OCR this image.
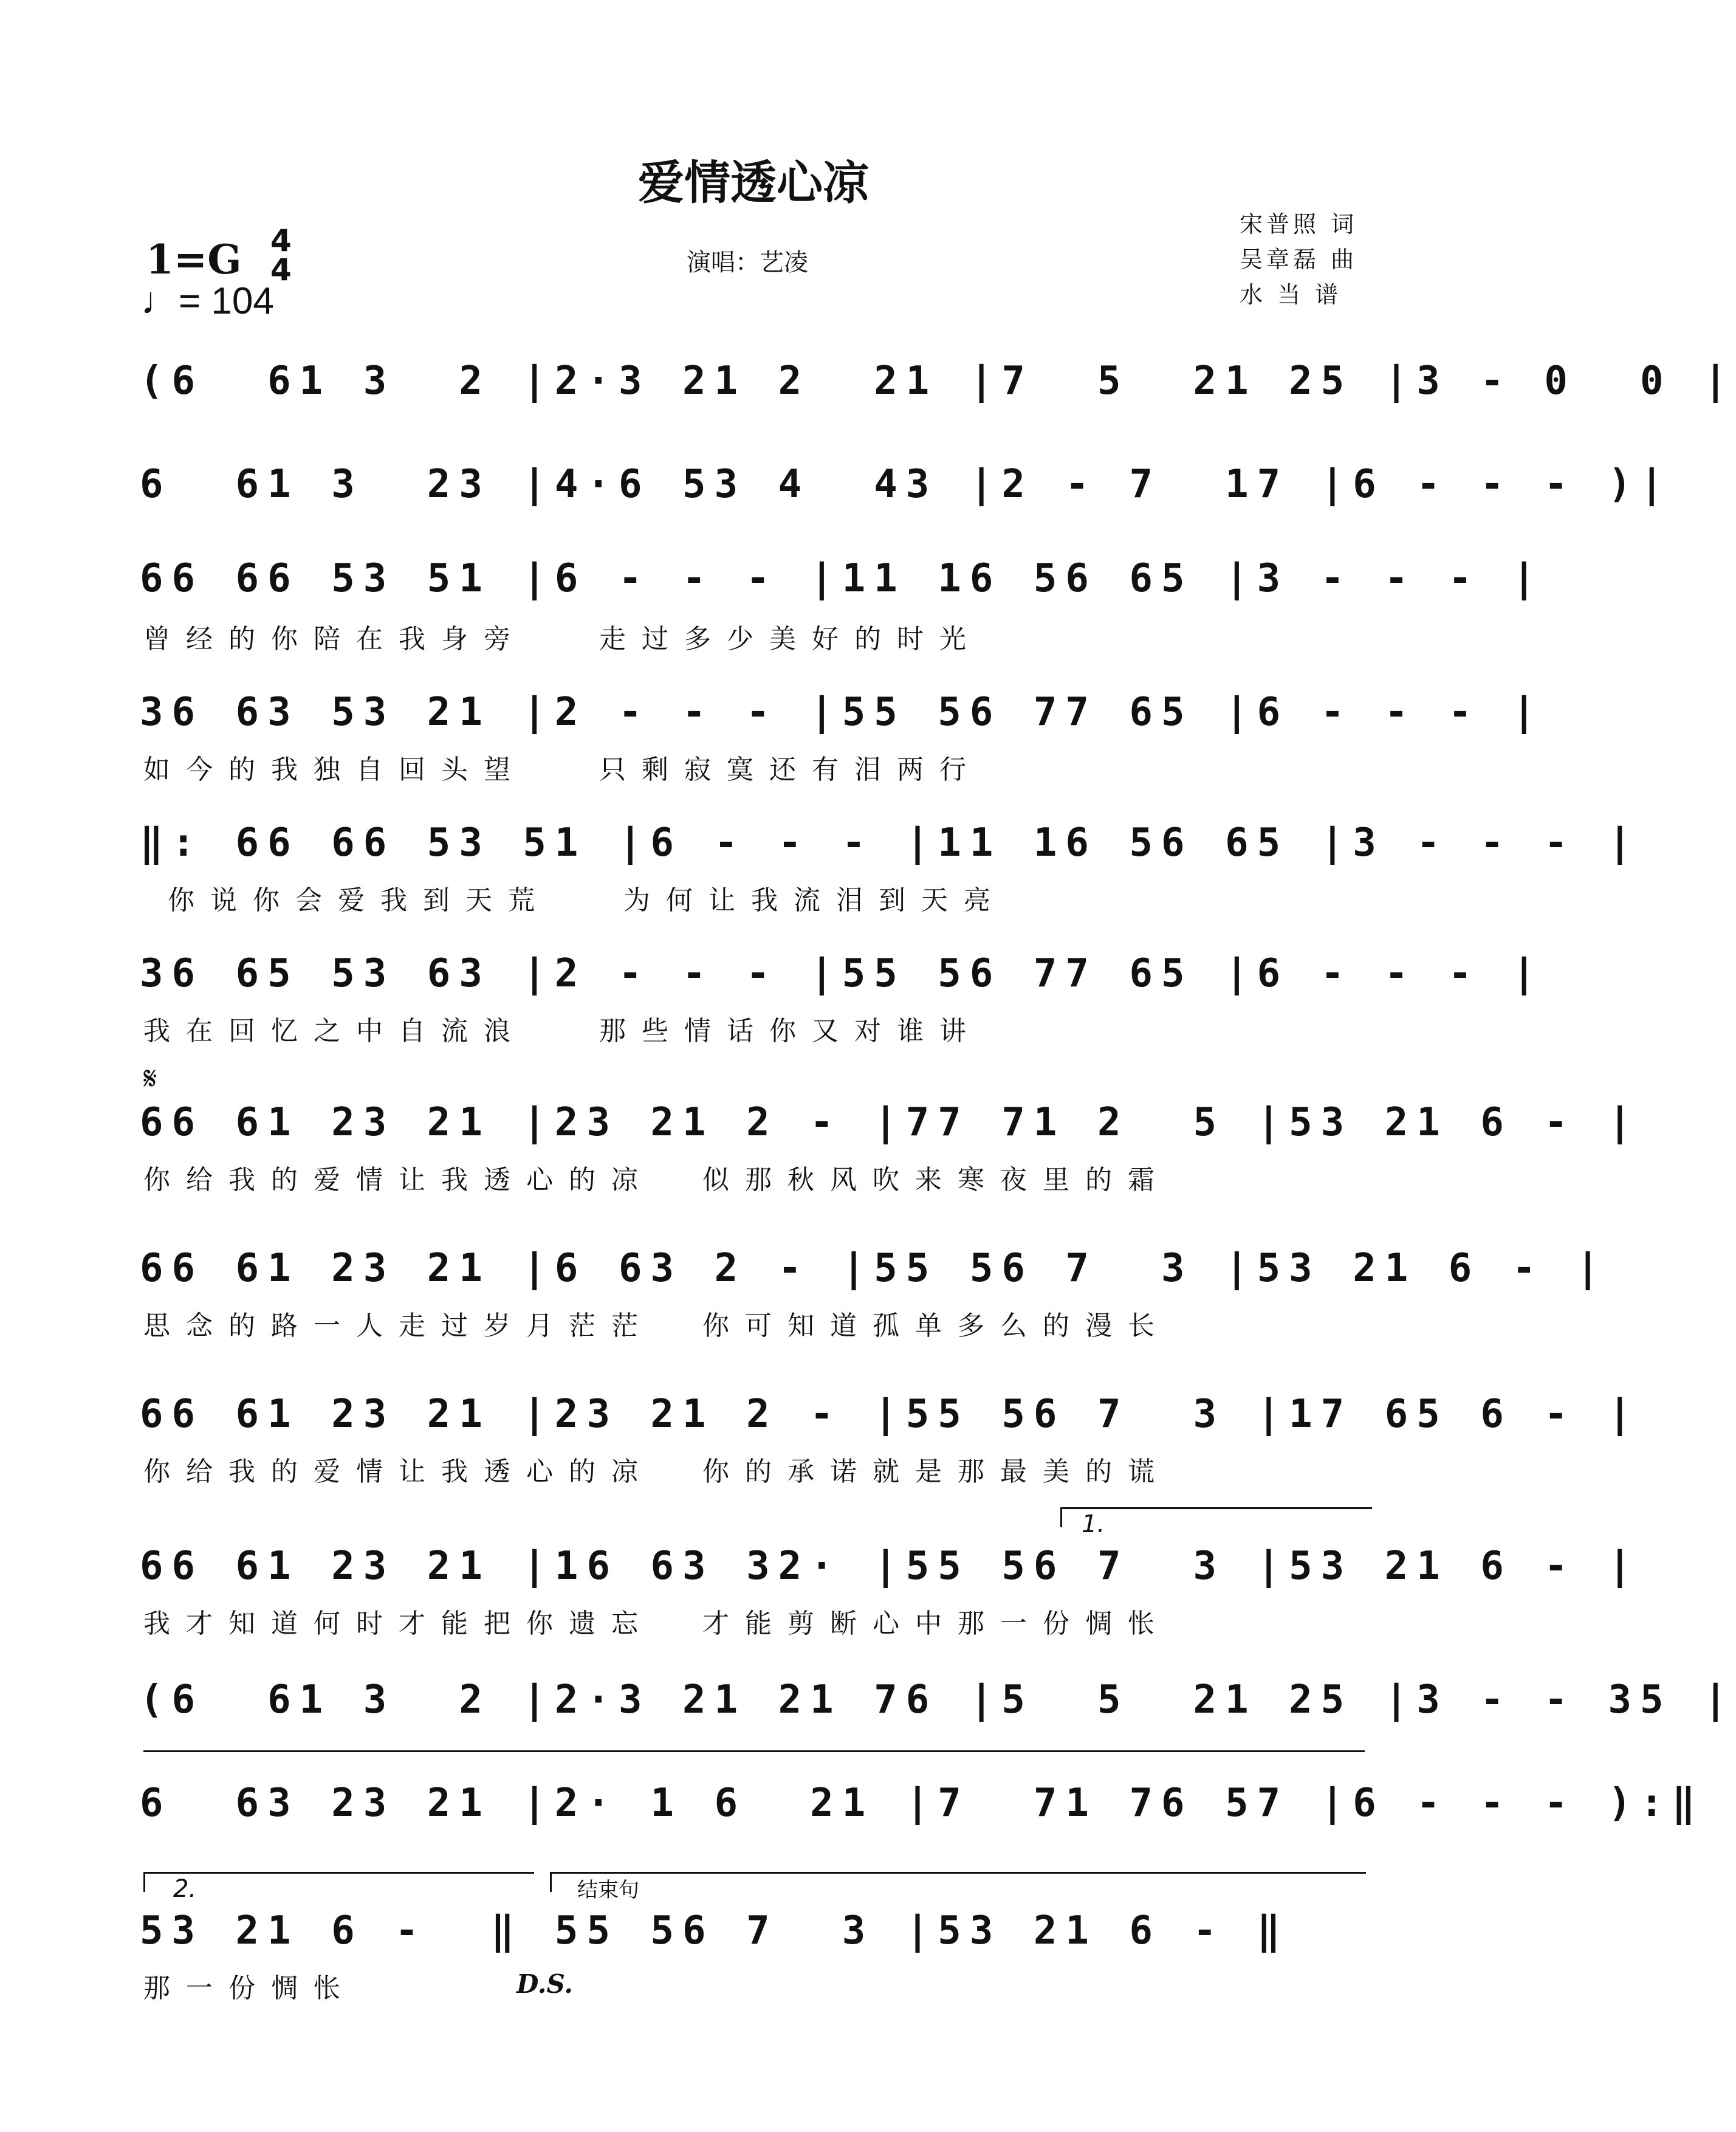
爱情透心凉
演唱：艺凌
宋普照 词
吴章磊 曲
水 当 谱
1=G 4
4
♩= 104
(6  61 3  2 |2·3 21 2  21 |7  5  21 25 |3 - 0  0 |
6  61 3  23 |4·6 53 4  43 |2 - 7  17 |6 - - - )|
66 66 53 51 |6 - - - |11 16 56 65 |3 - - - |
曾经的你陪在我身旁   走过多少美好的时光
36 63 53 21 |2 - - - |55 56 77 65 |6 - - - |
如今的我独自回头望   只剩寂寞还有泪两行
‖: 66 66 53 51 |6 - - - |11 16 56 65 |3 - - - |
你说你会爱我到天荒   为何让我流泪到天亮
36 65 53 63 |2 - - - |55 56 77 65 |6 - - - |
我在回忆之中自流浪   那些情话你又对谁讲
𝄋
66 61 23 21 |23 21 2 - |77 71 2  5 |53 21 6 - |
你给我的爱情让我透心的凉  似那秋风吹来寒夜里的霜
66 61 23 21 |6 63 2 - |55 56 7  3 |53 21 6 - |
思念的路一人走过岁月茫茫  你可知道孤单多么的漫长
66 61 23 21 |23 21 2 - |55 56 7  3 |17 65 6 - |
你给我的爱情让我透心的凉  你的承诺就是那最美的谎
1.
66 61 23 21 |16 63 32· |55 56 7  3 |53 21 6 - |
我才知道何时才能把你遗忘  才能剪断心中那一份惆怅
(6  61 3  2 |2·3 21 21 76 |5  5  21 25 |3 - - 35 |
6  63 23 21 |2· 1 6  21 |7  71 76 57 |6 - - - ):‖
2.	结束句
53 21 6 -  ‖ 55 56 7  3 |53 21 6 - ‖
那一份惆怅	D.S.
